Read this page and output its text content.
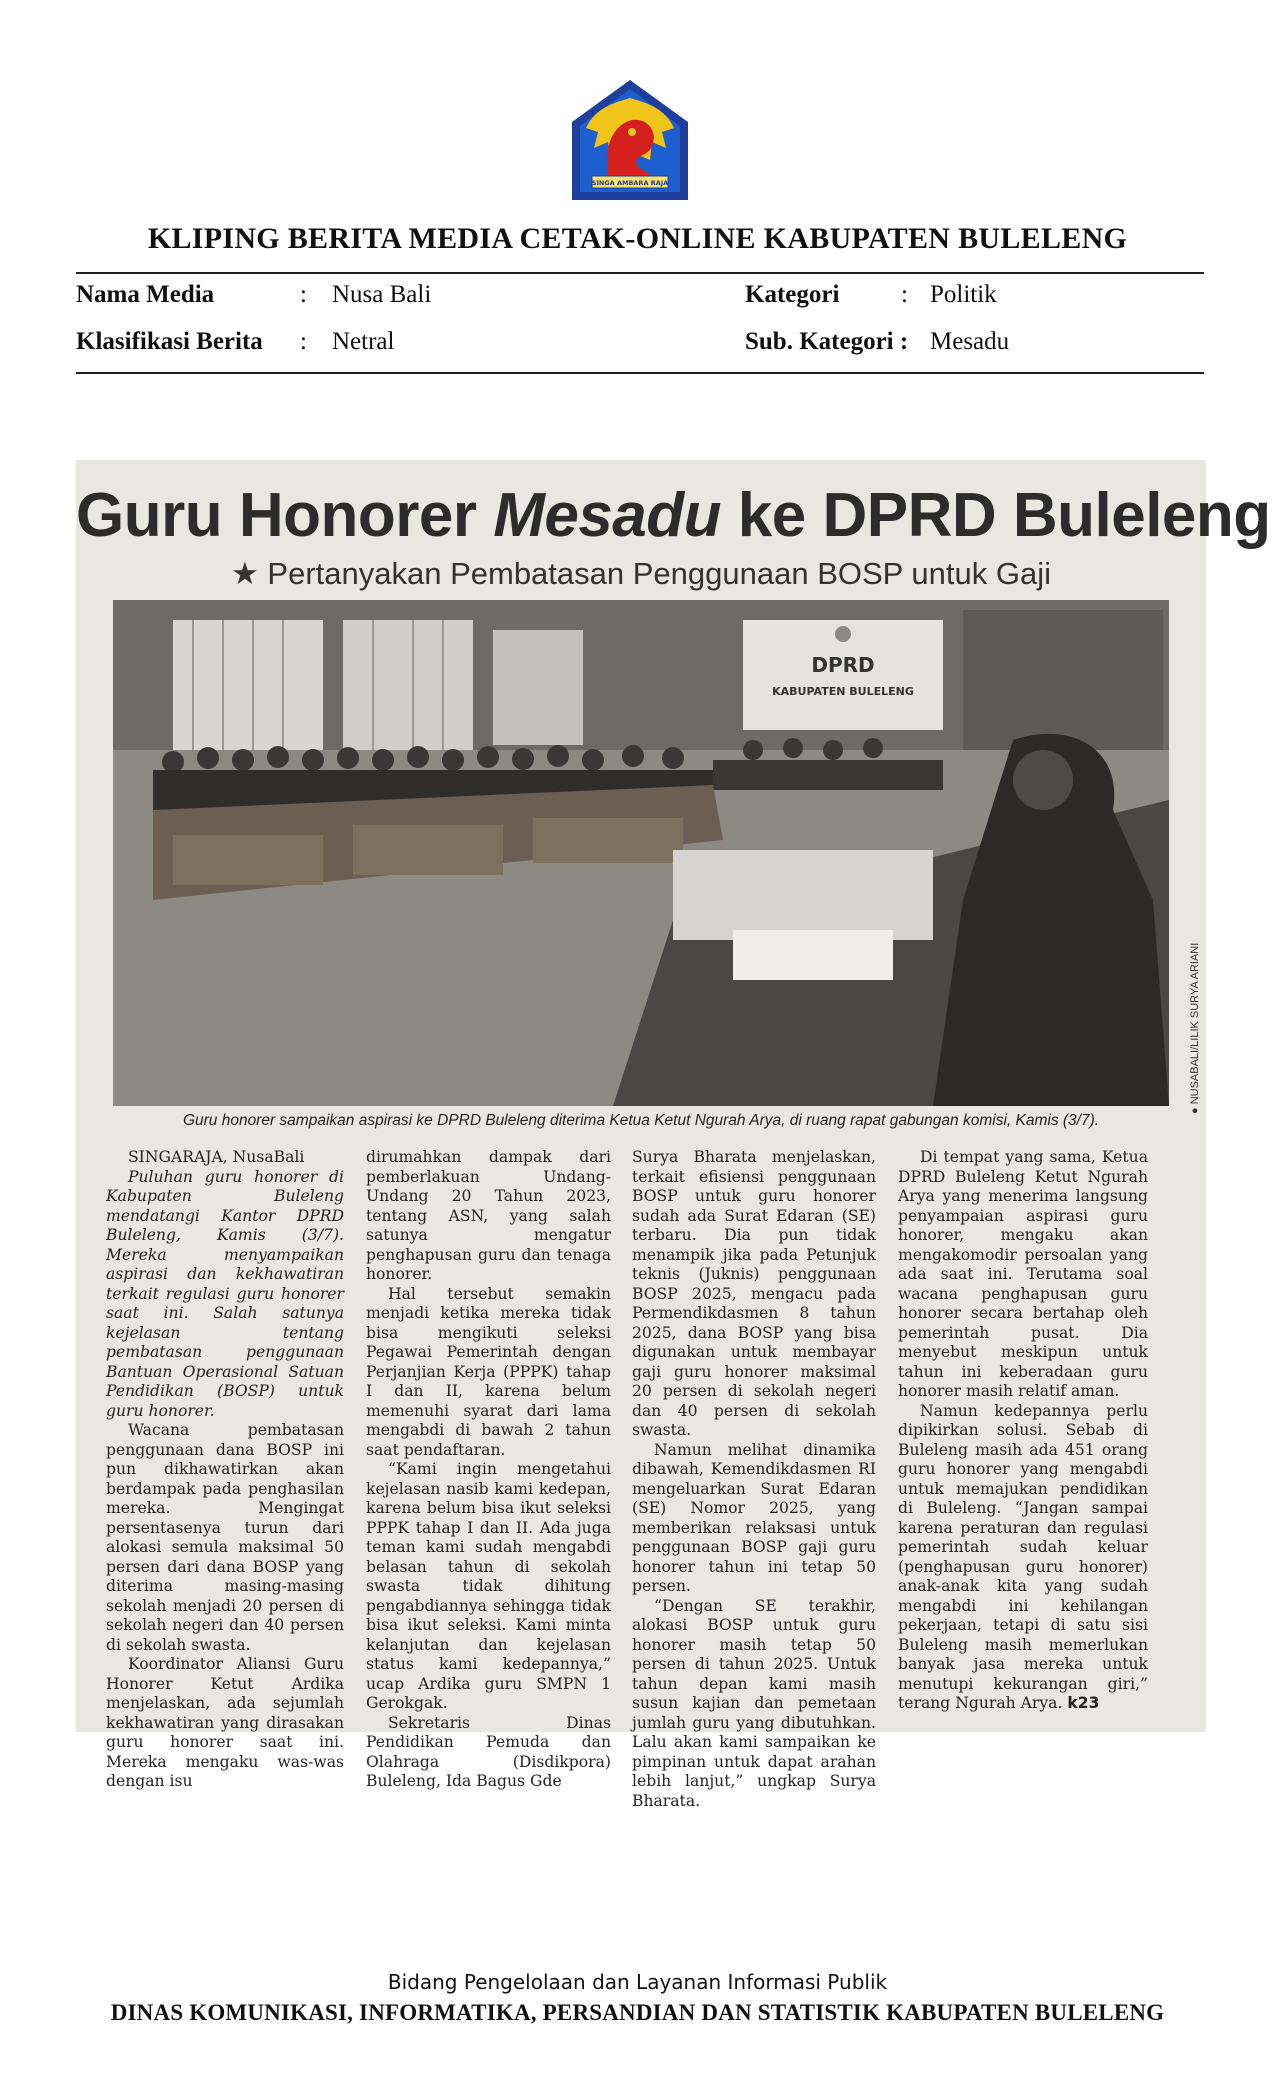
SINGA AMBARA RAJA
KLIPING BERITA MEDIA CETAK-ONLINE KABUPATEN BULELENG
Nama Media	: Nusa Bali
Klasifikasi Berita : Netral
Kategori : Politik
Sub. Kategori : Mesadu
Guru Honorer Mesadu ke DPRD Buleleng
★ Pertanyakan Pembatasan Penggunaan BOSP untuk Gaji
DPRD
KABUPATEN BULELENG
● NUSABALI/LILIK SURYA ARIANI
Guru honorer sampaikan aspirasi ke DPRD Buleleng diterima Ketua Ketut Ngurah Arya, di ruang rapat gabungan komisi, Kamis (3/7).

SINGARAJA, NusaBali

Puluhan guru honorer di Kabupaten Buleleng mendatangi Kantor DPRD Buleleng, Kamis (3/7). Mereka menyampaikan aspirasi dan kekhawatiran terkait regulasi guru honorer saat ini. Salah satunya kejelasan tentang pembatasan penggunaan Bantuan Operasional Satuan Pendidikan (BOSP) untuk guru honorer.

Wacana pembatasan penggunaan dana BOSP ini pun dikhawatirkan akan berdampak pada penghasilan mereka. Mengingat persentasenya turun dari alokasi semula maksimal 50 persen dari dana BOSP yang diterima masing-masing sekolah menjadi 20 persen di sekolah negeri dan 40 persen di sekolah swasta.

Koordinator Aliansi Guru Honorer Ketut Ardika menjelaskan, ada sejumlah kekhawatiran yang dirasakan guru honorer saat ini. Mereka mengaku was-was dengan isu

dirumahkan dampak dari pemberlakuan Undang-Undang 20 Tahun 2023, tentang ASN, yang salah satunya mengatur penghapusan guru dan tenaga honorer.

Hal tersebut semakin menjadi ketika mereka tidak bisa mengikuti seleksi Pegawai Pemerintah dengan Perjanjian Kerja (PPPK) tahap I dan II, karena belum memenuhi syarat dari lama mengabdi di bawah 2 tahun saat pendaftaran.

“Kami ingin mengetahui kejelasan nasib kami kedepan, karena belum bisa ikut seleksi PPPK tahap I dan II. Ada juga teman kami sudah mengabdi belasan tahun di sekolah swasta tidak dihitung pengabdiannya sehingga tidak bisa ikut seleksi. Kami minta kelanjutan dan kejelasan status kami kedepannya,” ucap Ardika guru SMPN 1 Gerokgak.

Sekretaris Dinas Pendidikan Pemuda dan Olahraga (Disdikpora) Buleleng, Ida Bagus Gde

Surya Bharata menjelaskan, terkait efisiensi penggunaan BOSP untuk guru honorer sudah ada Surat Edaran (SE) terbaru. Dia pun tidak menampik jika pada Petunjuk teknis (Juknis) penggunaan BOSP 2025, mengacu pada Permendikdasmen 8 tahun 2025, dana BOSP yang bisa digunakan untuk membayar gaji guru honorer maksimal 20 persen di sekolah negeri dan 40 persen di sekolah swasta.

Namun melihat dinamika dibawah, Kemendikdasmen RI mengeluarkan Surat Edaran (SE) Nomor 2025, yang memberikan relaksasi untuk penggunaan BOSP gaji guru honorer tahun ini tetap 50 persen.

“Dengan SE terakhir, alokasi BOSP untuk guru honorer masih tetap 50 persen di tahun 2025. Untuk tahun depan kami masih susun kajian dan pemetaan jumlah guru yang dibutuhkan. Lalu akan kami sampaikan ke pimpinan untuk dapat arahan lebih lanjut,” ungkap Surya Bharata.

Di tempat yang sama, Ketua DPRD Buleleng Ketut Ngurah Arya yang menerima langsung penyampaian aspirasi guru honorer, mengaku akan mengakomodir persoalan yang ada saat ini. Terutama soal wacana penghapusan guru honorer secara bertahap oleh pemerintah pusat. Dia menyebut meskipun untuk tahun ini keberadaan guru honorer masih relatif aman.

Namun kedepannya perlu dipikirkan solusi. Sebab di Buleleng masih ada 451 orang guru honorer yang mengabdi untuk memajukan pendidikan di Buleleng. “Jangan sampai karena peraturan dan regulasi pemerintah sudah keluar (penghapusan guru honorer) anak-anak kita yang sudah mengabdi ini kehilangan pekerjaan, tetapi di satu sisi Buleleng masih memerlukan banyak jasa mereka untuk menutupi kekurangan giri,” terang Ngurah Arya. k23

Bidang Pengelolaan dan Layanan Informasi Publik
DINAS KOMUNIKASI, INFORMATIKA, PERSANDIAN DAN STATISTIK KABUPATEN BULELENG
